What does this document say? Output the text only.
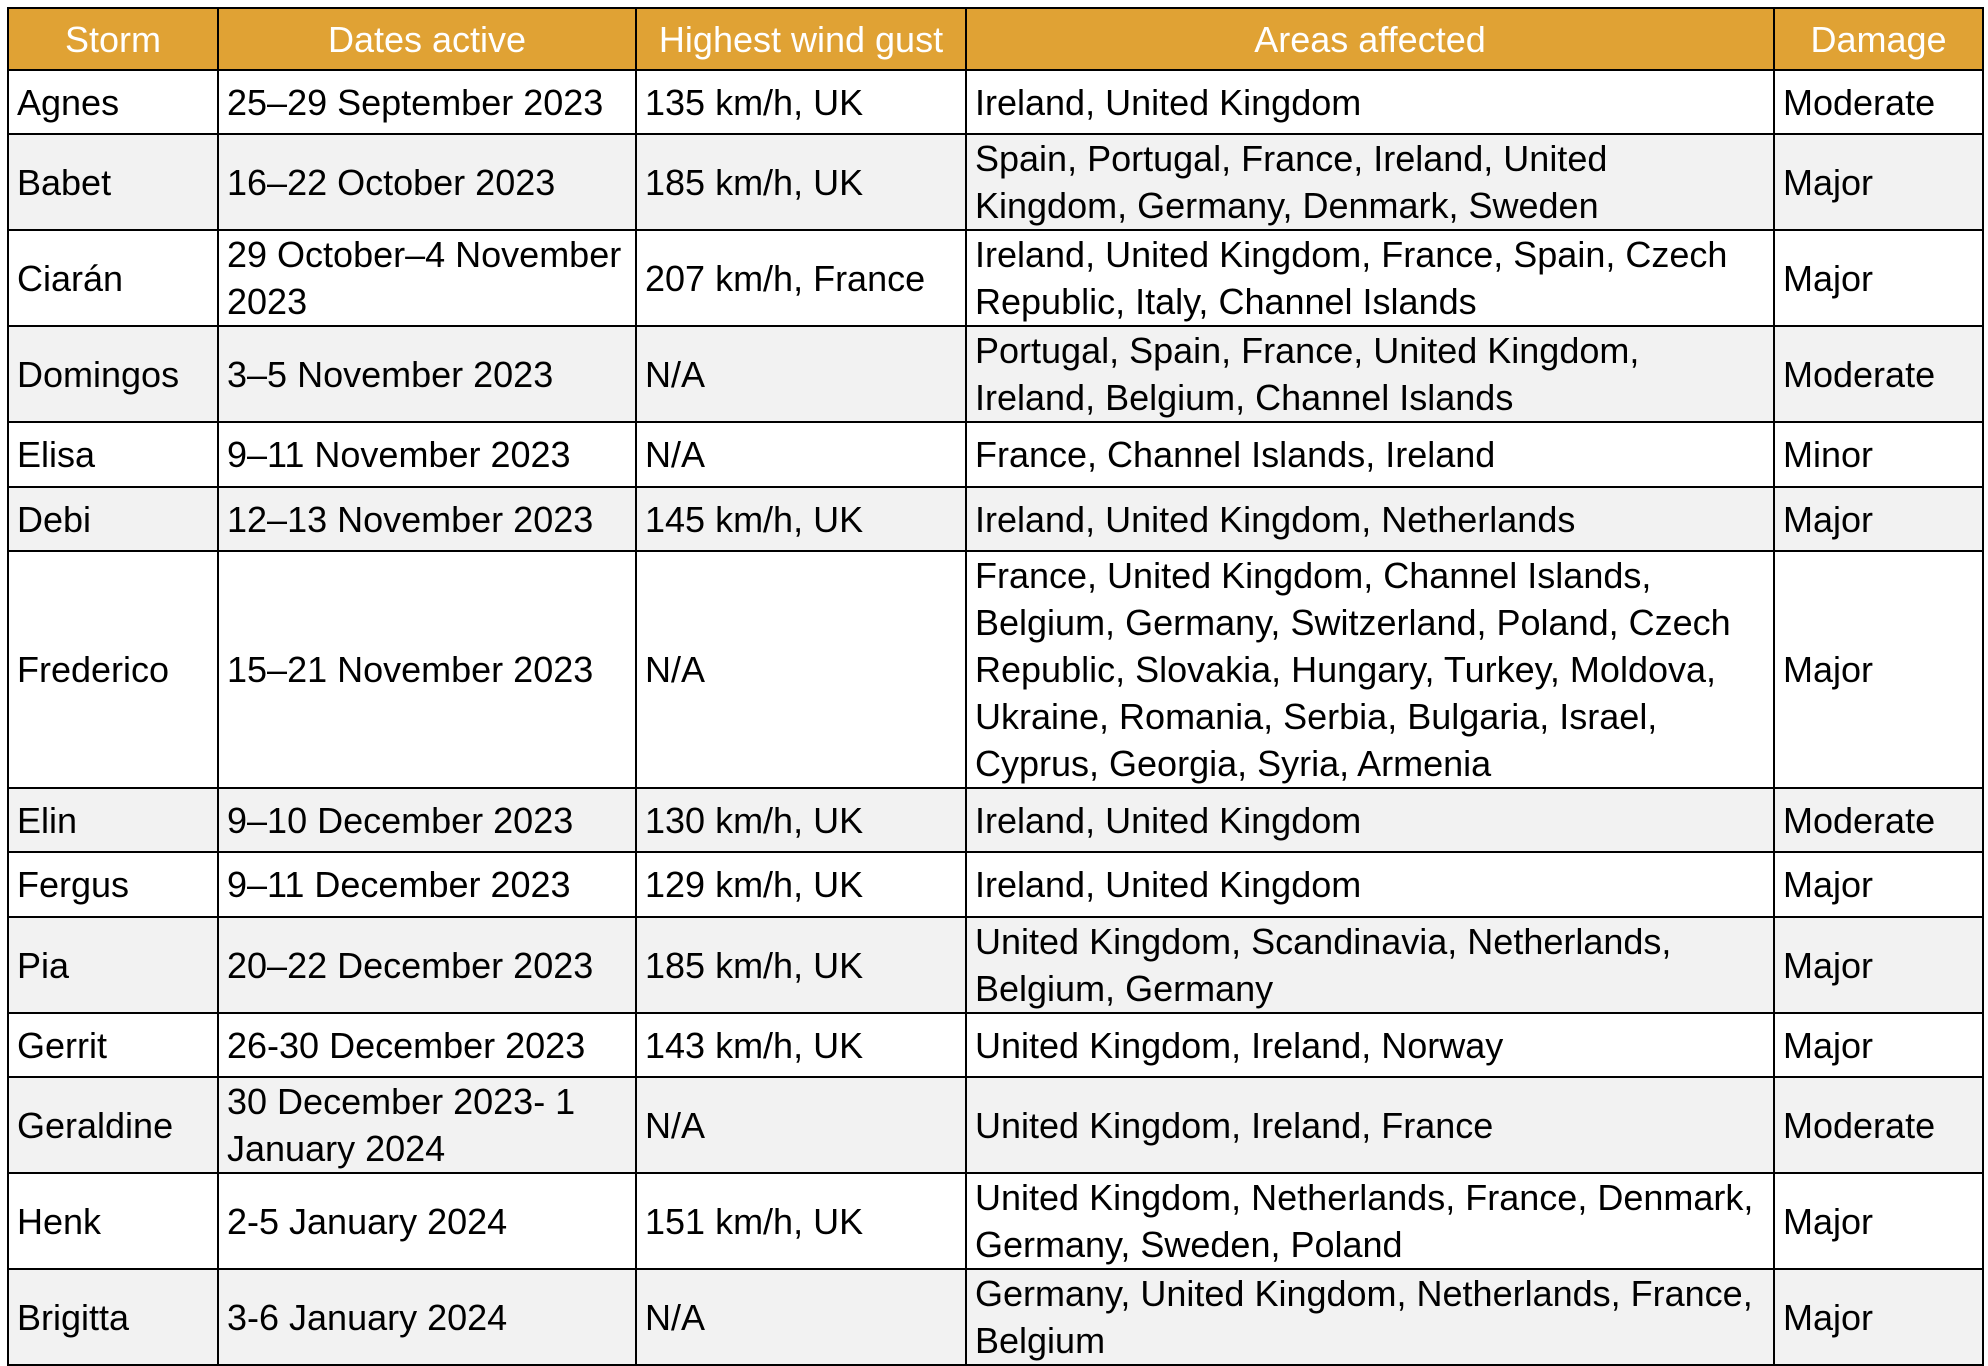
Storm	Dates active	Highest wind gust	Areas affected	Damage
Agnes	25–29 September 2023	135 km/h, UK	Ireland, United Kingdom	Moderate
Babet	16–22 October 2023	185 km/h, UK	Spain, Portugal, France, Ireland, United Kingdom, Germany, Denmark, Sweden	Major
Ciarán	29 October–4 November 2023	207 km/h, France	Ireland, United Kingdom, France, Spain, Czech Republic, Italy, Channel Islands	Major
Domingos	3–5 November 2023	N/A	Portugal, Spain, France, United Kingdom, Ireland, Belgium, Channel Islands	Moderate
Elisa	9–11 November 2023	N/A	France, Channel Islands, Ireland	Minor
Debi	12–13 November 2023	145 km/h, UK	Ireland, United Kingdom, Netherlands	Major
Frederico	15–21 November 2023	N/A	France, United Kingdom, Channel Islands, Belgium, Germany, Switzerland, Poland, Czech Republic, Slovakia, Hungary, Turkey, Moldova, Ukraine, Romania, Serbia, Bulgaria, Israel, Cyprus, Georgia, Syria, Armenia	Major
Elin	9–10 December 2023	130 km/h, UK	Ireland, United Kingdom	Moderate
Fergus	9–11 December 2023	129 km/h, UK	Ireland, United Kingdom	Major
Pia	20–22 December 2023	185 km/h, UK	United Kingdom, Scandinavia, Netherlands, Belgium, Germany	Major
Gerrit	26-30 December 2023	143 km/h, UK	United Kingdom, Ireland, Norway	Major
Geraldine	30 December 2023- 1 January 2024	N/A	United Kingdom, Ireland, France	Moderate
Henk	2-5 January 2024	151 km/h, UK	United Kingdom, Netherlands, France, Denmark, Germany, Sweden, Poland	Major
Brigitta	3-6 January 2024	N/A	Germany, United Kingdom, Netherlands, France, Belgium	Major
